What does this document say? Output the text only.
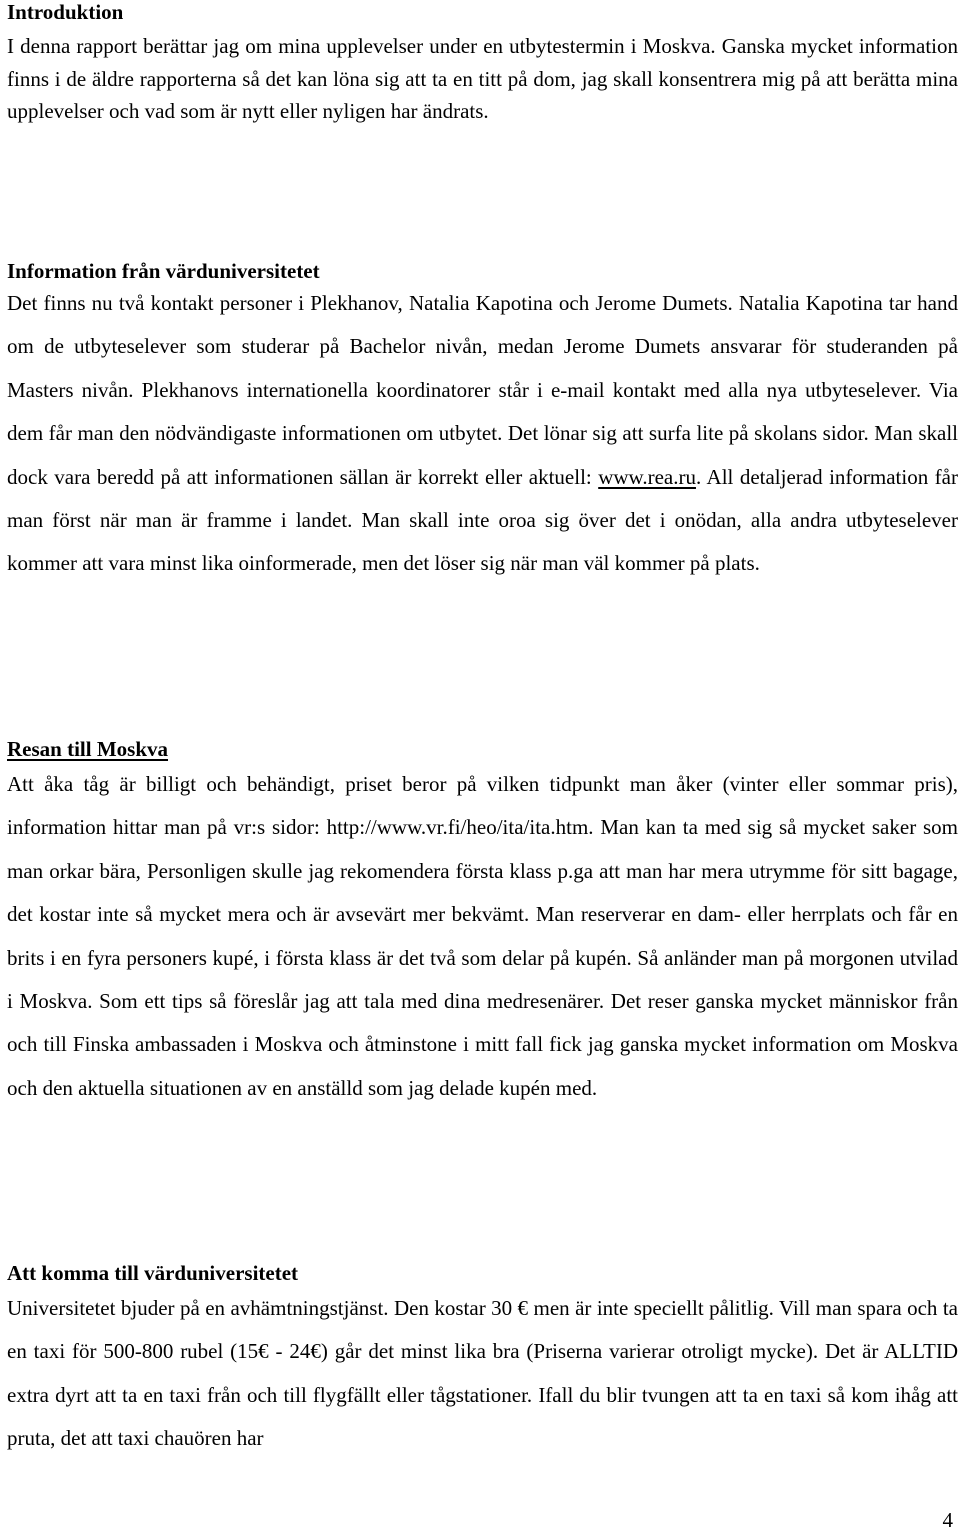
Introduktion

I denna rapport berättar jag om mina upplevelser under en utbytestermin i Moskva. Ganska mycket information finns i de äldre rapporterna så det kan löna sig att ta en titt på dom, jag skall konsentrera mig på att berätta mina upplevelser och vad som är nytt eller nyligen har ändrats.

Information från värduniversitetet

Det finns nu två kontakt personer i Plekhanov, Natalia Kapotina och Jerome Dumets. Natalia Kapotina tar hand om de utbyteselever som studerar på Bachelor nivån, medan Jerome Dumets ansvarar för studeranden på Masters nivån. Plekhanovs internationella koordinatorer står i e-mail kontakt med alla nya utbyteselever. Via dem får man den nödvändigaste informationen om utbytet. Det lönar sig att surfa lite på skolans sidor. Man skall dock vara beredd på att informationen sällan är korrekt eller aktuell: www.rea.ru. All detaljerad information får man först när man är framme i landet. Man skall inte oroa sig över det i onödan, alla andra utbyteselever kommer att vara minst lika oinformerade, men det löser sig när man väl kommer på plats.

Resan till Moskva

Att åka tåg är billigt och behändigt, priset beror på vilken tidpunkt man åker (vinter eller sommar pris), information hittar man på vr:s sidor: http://www.vr.fi/heo/ita/ita.htm. Man kan ta med sig så mycket saker som man orkar bära, Personligen skulle jag rekomendera första klass p.ga att man har mera utrymme för sitt bagage, det kostar inte så mycket mera och är avsevärt mer bekvämt. Man reserverar en dam- eller herrplats och får en brits i en fyra personers kupé, i första klass är det två som delar på kupén. Så anländer man på morgonen utvilad i Moskva. Som ett tips så föreslår jag att tala med dina medresenärer. Det reser ganska mycket människor från och till Finska ambassaden i Moskva och åtminstone i mitt fall fick jag ganska mycket information om Moskva och den aktuella situationen av en anställd som jag delade kupén med.

Att komma till värduniversitetet

Universitetet bjuder på en avhämtningstjänst. Den kostar 30 € men är inte speciellt pålitlig. Vill man spara och ta en taxi för 500-800 rubel (15€ - 24€) går det minst lika bra (Priserna varierar otroligt mycke). Det är ALLTID extra dyrt att ta en taxi från och till flygfällt eller tågstationer. Ifall du blir tvungen att ta en taxi så kom ihåg att pruta, det att taxi chauören har

4
